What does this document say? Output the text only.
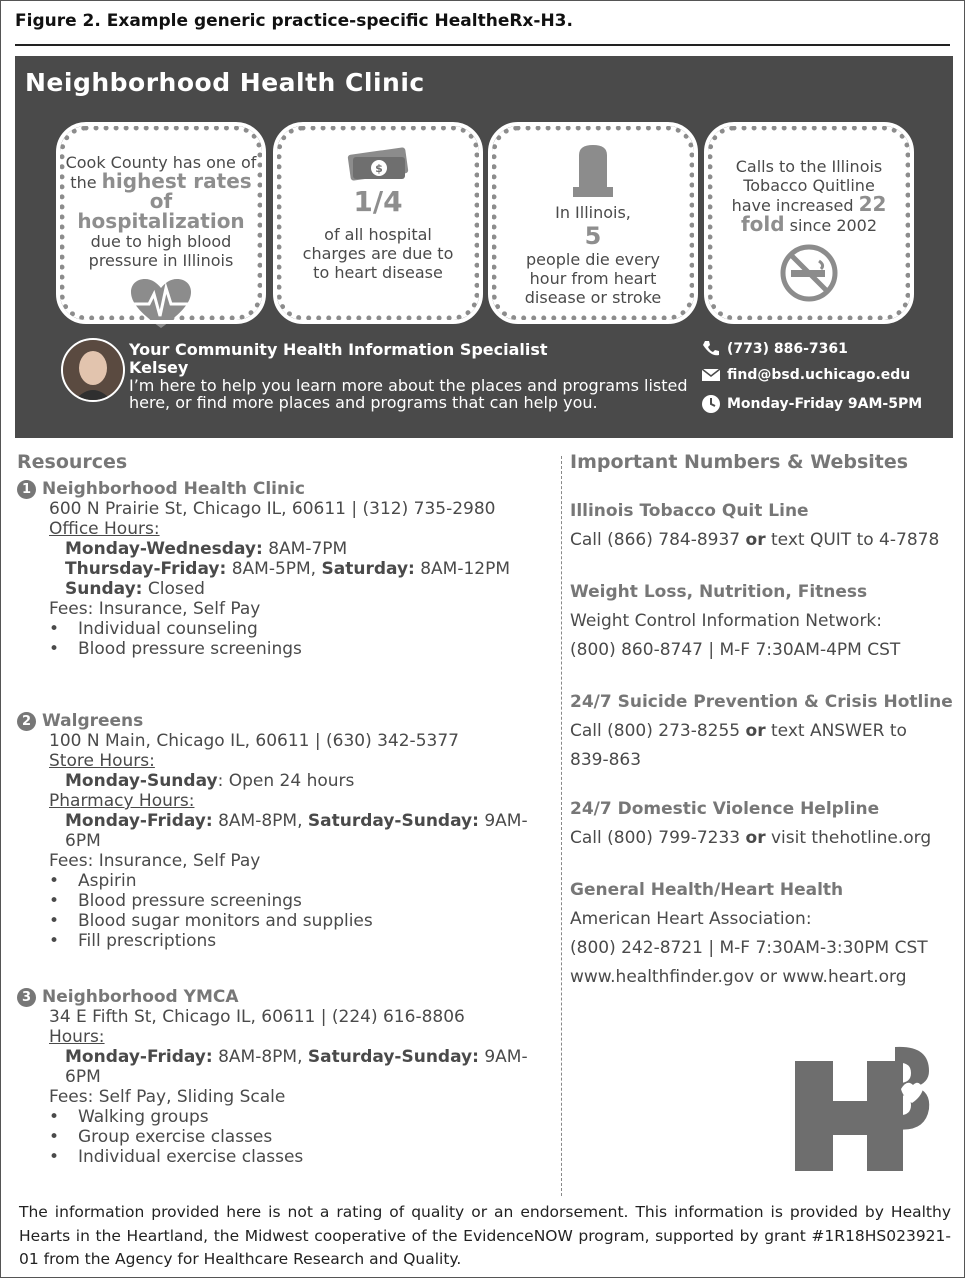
Figure 2. Example generic practice-specific HealtheRx-H3.
Neighborhood Health Clinic
Cook County has one of the highest rates of hospitalization due to high blood pressure in Illinois
$
1/4
of all hospital charges are due to to heart disease
In Illinois,
5
people die every hour from heart disease or stroke
Calls to the Illinois Tobacco Quitline have increased 22 fold since 2002
Your Community Health Information Specialist
Kelsey
I’m here to help you learn more about the places and programs listed here, or find more places and programs that can help you.
(773) 886-7361
find@bsd.uchicago.edu
Monday-Friday 9AM-5PM
Resources
1 Neighborhood Health Clinic
600 N Prairie St, Chicago IL, 60611 | (312) 735-2980
Office Hours:
Monday-Wednesday: 8AM-7PM
Thursday-Friday: 8AM-5PM, Saturday: 8AM-12PM
Sunday: Closed
Fees: Insurance, Self Pay
• Individual counseling
• Blood pressure screenings
2 Walgreens
100 N Main, Chicago IL, 60611 | (630) 342-5377
Store Hours:
Monday-Sunday: Open 24 hours
Pharmacy Hours:
Monday-Friday: 8AM-8PM, Saturday-Sunday: 9AM-6PM
Fees: Insurance, Self Pay
• Aspirin
• Blood pressure screenings
• Blood sugar monitors and supplies
• Fill prescriptions
3 Neighborhood YMCA
34 E Fifth St, Chicago IL, 60611 | (224) 616-8806
Hours:
Monday-Friday: 8AM-8PM, Saturday-Sunday: 9AM-6PM
Fees: Self Pay, Sliding Scale
• Walking groups
• Group exercise classes
• Individual exercise classes
Important Numbers & Websites
Illinois Tobacco Quit Line
Call (866) 784-8937 or text QUIT to 4-7878
Weight Loss, Nutrition, Fitness
Weight Control Information Network:
(800) 860-8747 | M-F 7:30AM-4PM CST
24/7 Suicide Prevention & Crisis Hotline
Call (800) 273-8255 or text ANSWER to
839-863
24/7 Domestic Violence Helpline
Call (800) 799-7233 or visit thehotline.org
General Health/Heart Health
American Heart Association:
(800) 242-8721 | M-F 7:30AM-3:30PM CST
www.healthfinder.gov or www.heart.org
The information provided here is not a rating of quality or an endorsement. This information is provided by Healthy Hearts in the Heartland, the Midwest cooperative of the EvidenceNOW program, supported by grant #1R18HS023921-01 from the Agency for Healthcare Research and Quality.
